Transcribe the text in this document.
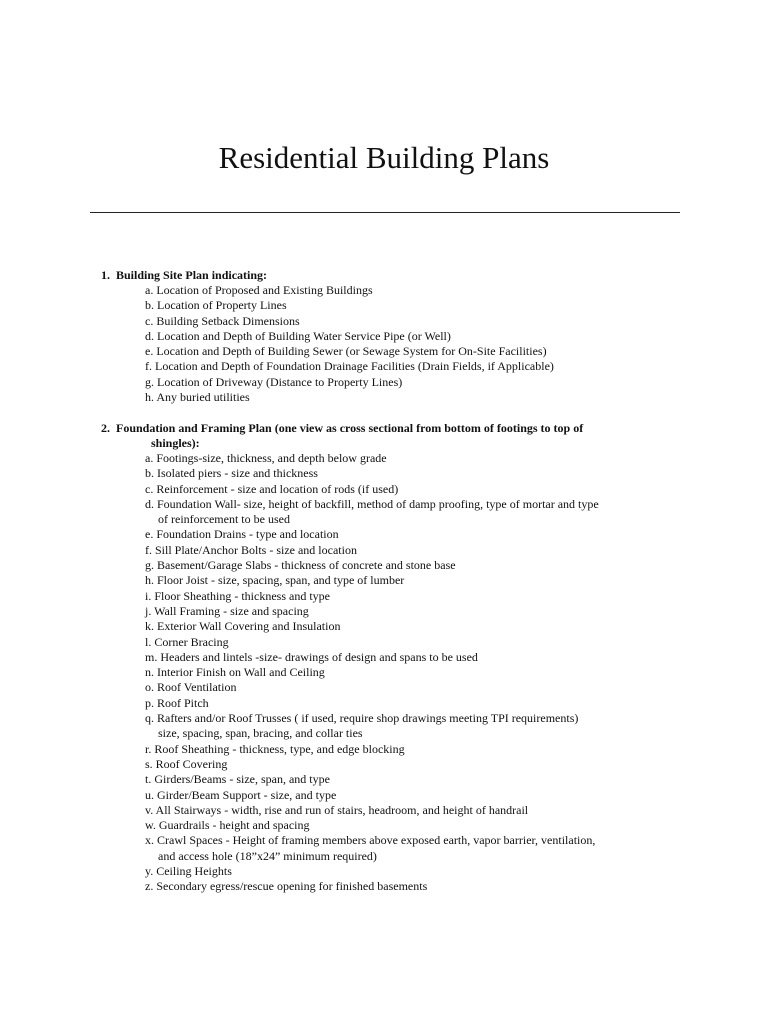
Residential Building Plans

1. Building Site Plan indicating:

a. Location of Proposed and Existing Buildings
b. Location of Property Lines
c. Building Setback Dimensions
d. Location and Depth of Building Water Service Pipe (or Well)
e. Location and Depth of Building Sewer (or Sewage System for On-Site Facilities)
f. Location and Depth of Foundation Drainage Facilities (Drain Fields, if Applicable)
g. Location of Driveway (Distance to Property Lines)
h. Any buried utilities

2. Foundation and Framing Plan (one view as cross sectional from bottom of footings to top of
shingles):

a. Footings-size, thickness, and depth below grade
b. Isolated piers - size and thickness
c. Reinforcement - size and location of rods (if used)
d. Foundation Wall- size, height of backfill, method of damp proofing, type of mortar and type
of reinforcement to be used
e. Foundation Drains - type and location
f. Sill Plate/Anchor Bolts - size and location
g. Basement/Garage Slabs - thickness of concrete and stone base
h. Floor Joist - size, spacing, span, and type of lumber
i. Floor Sheathing - thickness and type
j. Wall Framing - size and spacing
k. Exterior Wall Covering and Insulation
l. Corner Bracing
m. Headers and lintels -size- drawings of design and spans to be used
n. Interior Finish on Wall and Ceiling
o. Roof Ventilation
p. Roof Pitch
q. Rafters and/or Roof Trusses ( if used, require shop drawings meeting TPI requirements)
size, spacing, span, bracing, and collar ties
r. Roof Sheathing - thickness, type, and edge blocking
s. Roof Covering
t. Girders/Beams - size, span, and type
u. Girder/Beam Support - size, and type
v. All Stairways - width, rise and run of stairs, headroom, and height of handrail
w. Guardrails - height and spacing
x. Crawl Spaces - Height of framing members above exposed earth, vapor barrier, ventilation,
and access hole (18”x24” minimum required)
y. Ceiling Heights
z. Secondary egress/rescue opening for finished basements
